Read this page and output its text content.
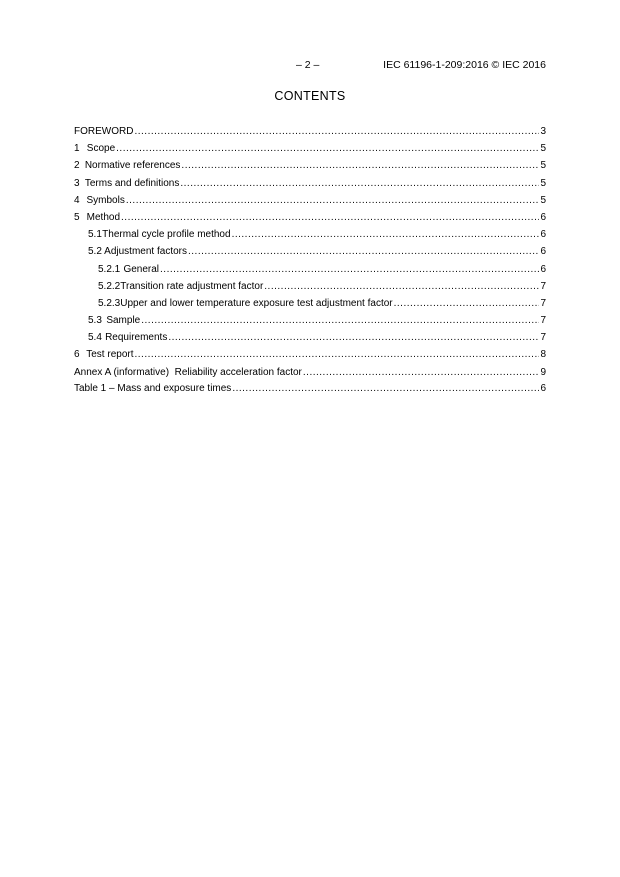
– 2 –	IEC 61196-1-209:2016 © IEC 2016
CONTENTS
FOREWORD .....	3
1 Scope .....	5
2 Normative references .....	5
3 Terms and definitions .....	5
4 Symbols .....	5
5 Method .....	6
5.1 Thermal cycle profile method .....	6
5.2 Adjustment factors .....	6
5.2.1 General .....	6
5.2.2 Transition rate adjustment factor .....	7
5.2.3 Upper and lower temperature exposure test adjustment factor .....	7
5.3 Sample .....	7
5.4 Requirements .....	7
6 Test report .....	8
Annex A (informative)  Reliability acceleration factor .....	9
Table 1 – Mass and exposure times .....	6
